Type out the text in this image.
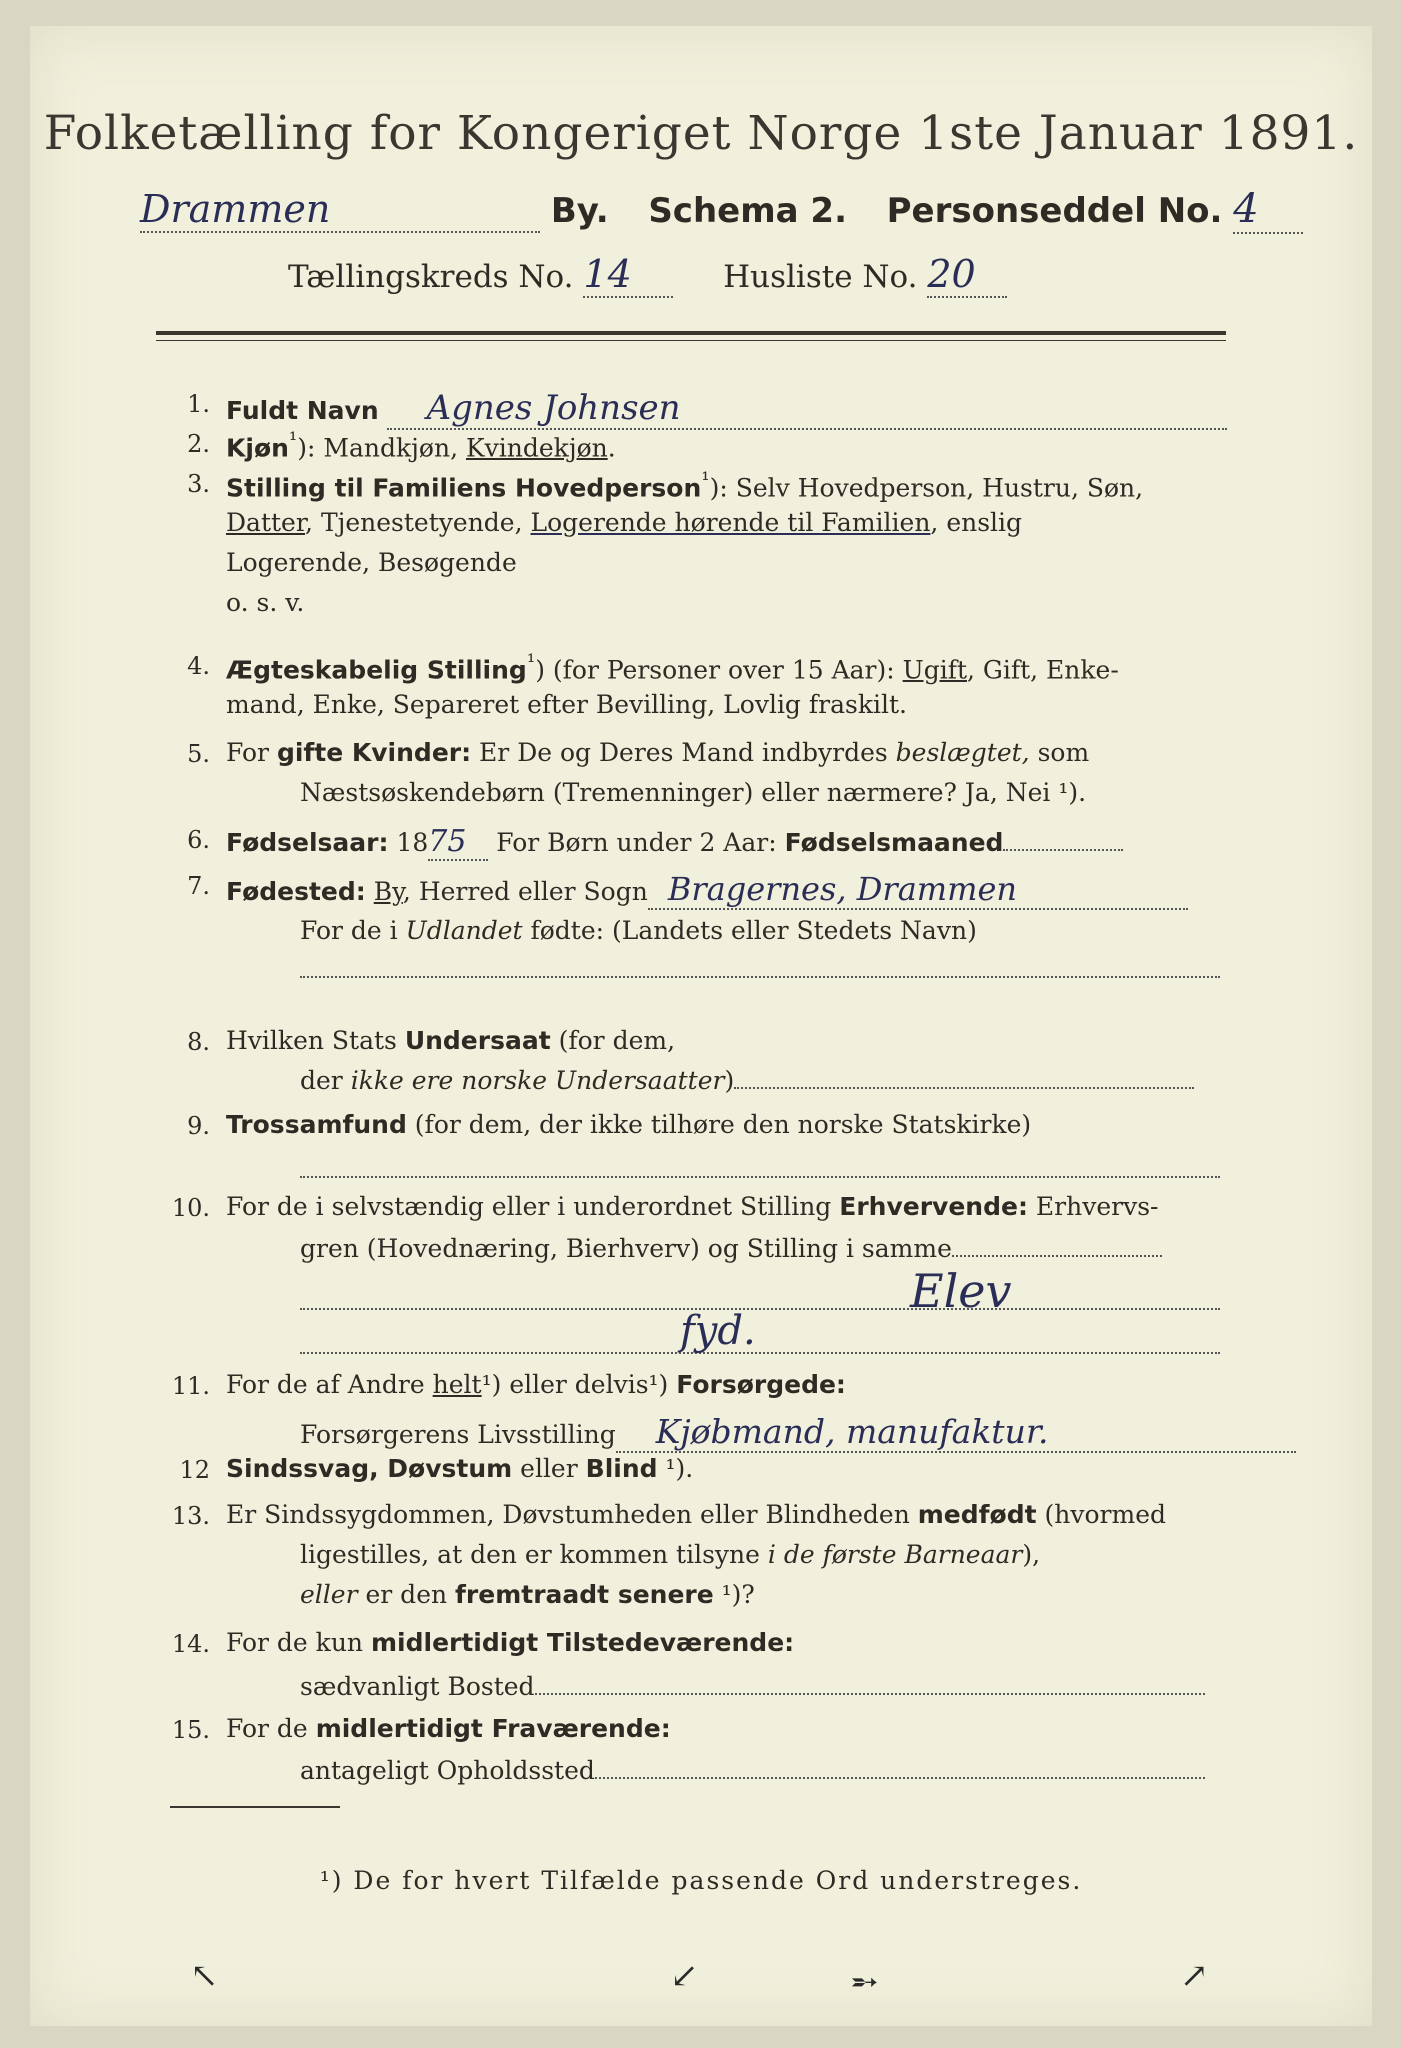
Folketælling for Kongeriget Norge 1ste Januar 1891.
Drammen	By. Schema 2. Personseddel No. 4
Tællingskreds No. 14	Husliste No. 20
1. Fuldt Navn Agnes Johnsen
2. Kjøn$^{^1}$): Mandkjøn, Kvindekjøn.
3. Stilling til Familiens Hovedperson$^{^1}$): Selv Hovedperson, Hustru, Søn,
Datter, Tjenestetyende, Logerende hørende til Familien, enslig
Logerende, Besøgende
o. s. v.
4. Ægteskabelig Stilling$^{^1}$) (for Personer over 15 Aar): Ugift, Gift, Enke-
mand, Enke, Separeret efter Bevilling, Lovlig fraskilt.
5. For gifte Kvinder: Er De og Deres Mand indbyrdes beslægtet, som
Næstsøskendebørn (Tremenninger) eller nærmere? Ja, Nei ¹).
6. Fødselsaar: 1875 For Børn under 2 Aar: Fødselsmaaned
7. Fødested: By, Herred eller Sogn Bragernes, Drammen
For de i Udlandet fødte: (Landets eller Stedets Navn)
8. Hvilken Stats Undersaat (for dem,
der ikke ere norske Undersaatter)
9. Trossamfund (for dem, der ikke tilhøre den norske Statskirke)
10. For de i selvstændig eller i underordnet Stilling Erhvervende: Erhvervs-
gren (Hovednæring, Bierhverv) og Stilling i samme
Elev
fyd.
11. For de af Andre helt¹) eller delvis¹) Forsørgede:
Forsørgerens Livsstilling Kjøbmand, manufaktur.
12 Sindssvag, Døvstum eller Blind ¹).
13. Er Sindssygdommen, Døvstumheden eller Blindheden medfødt (hvormed
ligestilles, at den er kommen tilsyne i de første Barneaar),
eller er den fremtraadt senere ¹)?
14. For de kun midlertidigt Tilstedeværende:
sædvanligt Bosted
15. For de midlertidigt Fraværende:
antageligt Opholdssted
¹) De for hvert Tilfælde passende Ord understreges.
↖	↙	➵	↗
